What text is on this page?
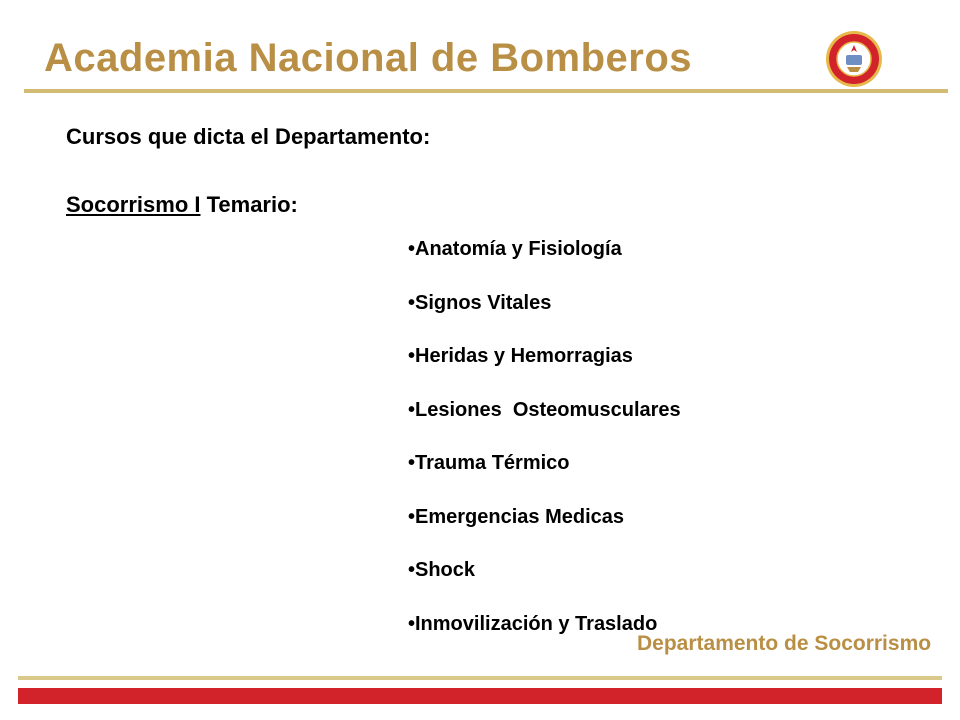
Academia Nacional de Bomberos
Cursos que dicta el Departamento:
Socorrismo I Temario:
•Anatomía y Fisiología
•Signos Vitales
•Heridas y Hemorragias
•Lesiones  Osteomusculares
•Trauma Térmico
•Emergencias Medicas
•Shock
•Inmovilización y Traslado
Departamento de Socorrismo
